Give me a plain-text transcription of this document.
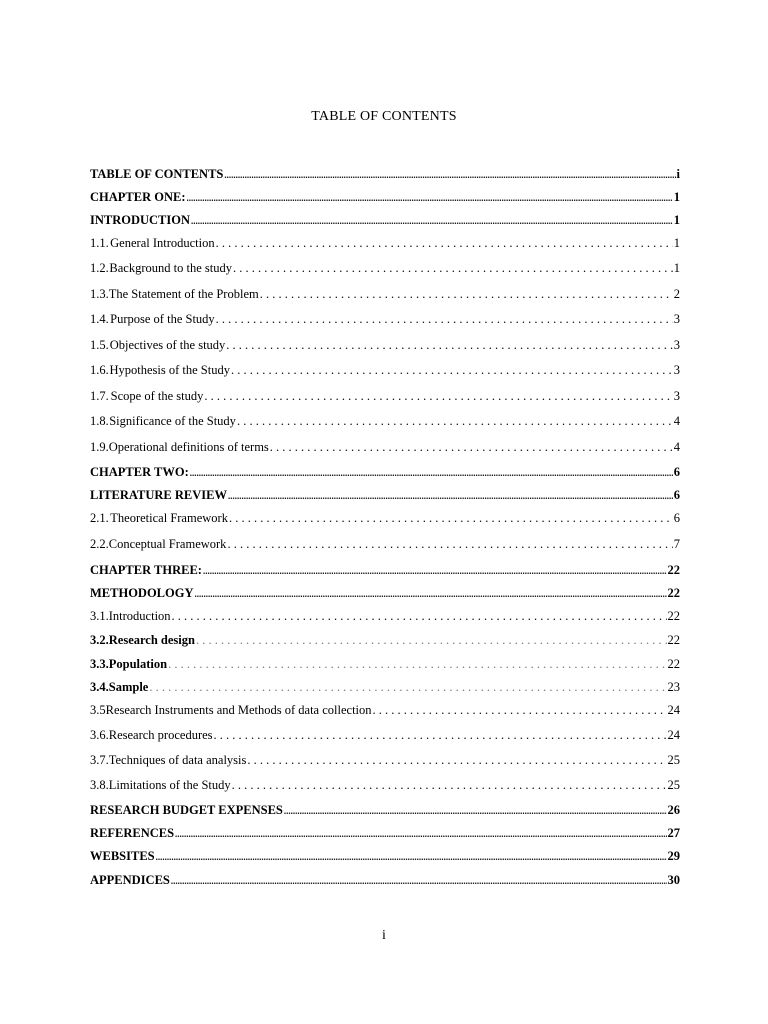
TABLE OF CONTENTS
TABLE OF CONTENTS .....	i
CHAPTER ONE: .....	1
INTRODUCTION .....	1
1.1. General Introduction . . .	1
1.2. Background to the study . . .	1
1.3. The Statement of the Problem . . .	2
1.4. Purpose of the Study . . .	3
1.5. Objectives of the study . . .	3
1.6. Hypothesis of the Study . . .	3
1.7. Scope of the study . . .	3
1.8. Significance of the Study . . .	4
1.9. Operational definitions of terms . . .	4
CHAPTER TWO: .....	6
LITERATURE REVIEW .....	6
2.1. Theoretical Framework . . .	6
2.2. Conceptual Framework . . .	7
CHAPTER THREE: .....	22
METHODOLOGY .....	22
3.1. Introduction . . .	22
3.2. Research design . . .	22
3.3. Population . . .	22
3.4. Sample . . .	23
3.5 Research Instruments and Methods of data collection . . .	24
3.6. Research procedures . . .	24
3.7. Techniques of data analysis . . .	25
3.8. Limitations of the Study . . .	25
RESEARCH BUDGET EXPENSES .....	26
REFERENCES .....	27
WEBSITES .....	29
APPENDICES .....	30
i
